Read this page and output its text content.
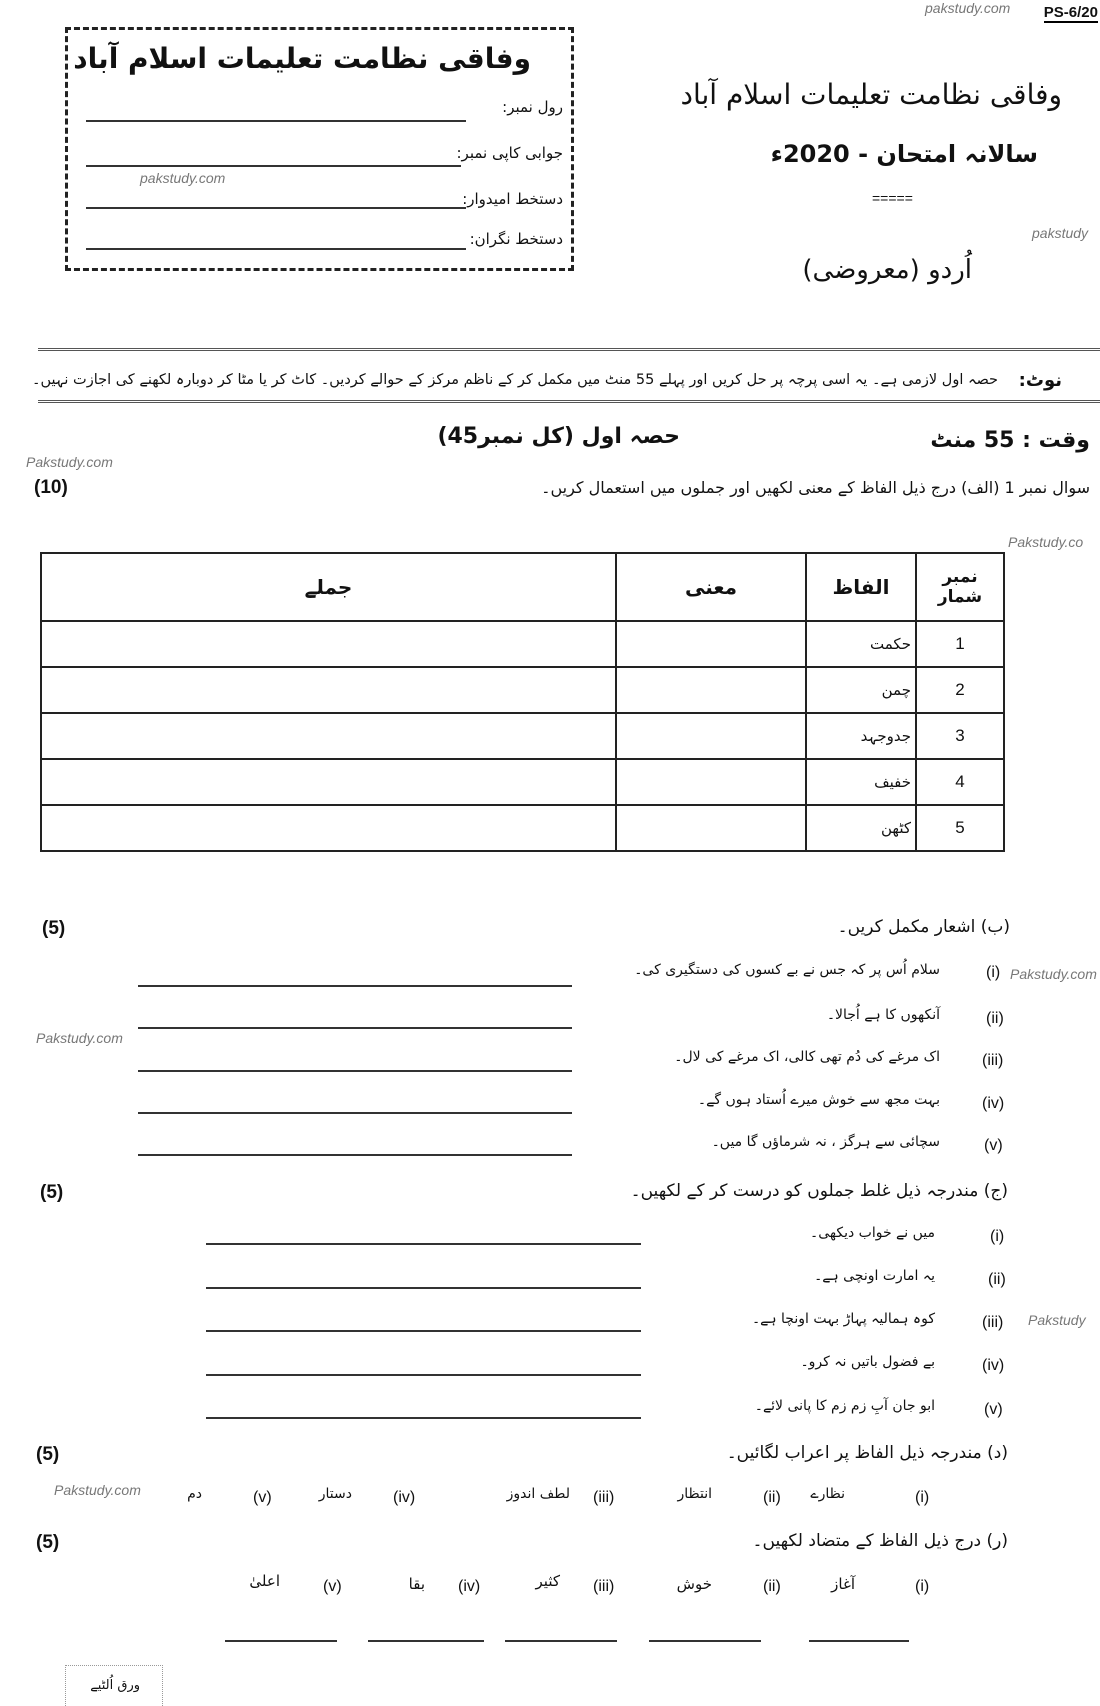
pakstudy.com PS-6/20
pakstudy
وفاقی نظامت تعلیمات اسلام آباد
رول نمبر:
جوابی کاپی نمبر:
pakstudy.com
دستخط امیدوار:
دستخط نگران:
وفاقی نظامت تعلیمات اسلام آباد
سالانہ امتحان - 2020ء
=====
اُردو (معروضی)
نوٹ:
حصہ اول لازمی ہے۔ یہ اسی پرچہ پر حل کریں اور پہلے 55 منٹ میں مکمل کر کے ناظم مرکز کے حوالے کردیں۔ کاٹ کر یا مٹا کر دوبارہ لکھنے کی اجازت نہیں۔
وقت : 55 منٹ
حصہ اول (کل نمبر45)
Pakstudy.com
(10)	سوال نمبر 1 (الف) درج ذیل الفاظ کے معنی لکھیں اور جملوں میں استعمال کریں۔
Pakstudy.co
نمبر شمار	الفاظ	معنی	جملے
1	حکمت		
2	چمن		
3	جدوجہد		
4	خفیف		
5	کٹھن		
(5)	(ب) اشعار مکمل کریں۔
Pakstudy.com
Pakstudy.com
(i)
سلام اُس پر کہ جس نے بے کسوں کی دستگیری کی۔
(ii)
آنکھوں کا ہے اُجالا۔
(iii)
اک مرغے کی دُم تھی کالی، اک مرغے کی لال۔
(iv)
بہت مجھ سے خوش میرے اُستاد ہوں گے۔
(v)
سچائی سے ہرگز ، نہ شرماؤں گا میں۔
(5)	(ج) مندرجہ ذیل غلط جملوں کو درست کر کے لکھیں۔
Pakstudy
(i)
میں نے خواب دیکھی۔
(ii)
یہ امارت اونچی ہے۔
(iii)
کوہ ہمالیہ پہاڑ بہت اونچا ہے۔
(iv)
بے فضول باتیں نہ کرو۔
(v)
ابو جان آبِ زم زم کا پانی لائے۔
(5)	(د) مندرجہ ذیل الفاظ پر اعراب لگائیں۔
Pakstudy.com	(i)
نظارے
(ii)
انتظار
(iii)
لطف اندوز
(iv)
دستار
(v)
دم
(5)	(ر) درج ذیل الفاظ کے متضاد لکھیں۔
(i)
آغاز
(ii)
خوش
(iii)
کثیر
(iv)
بقا
(v)
اعلیٰ
ورق اُلٹیے
